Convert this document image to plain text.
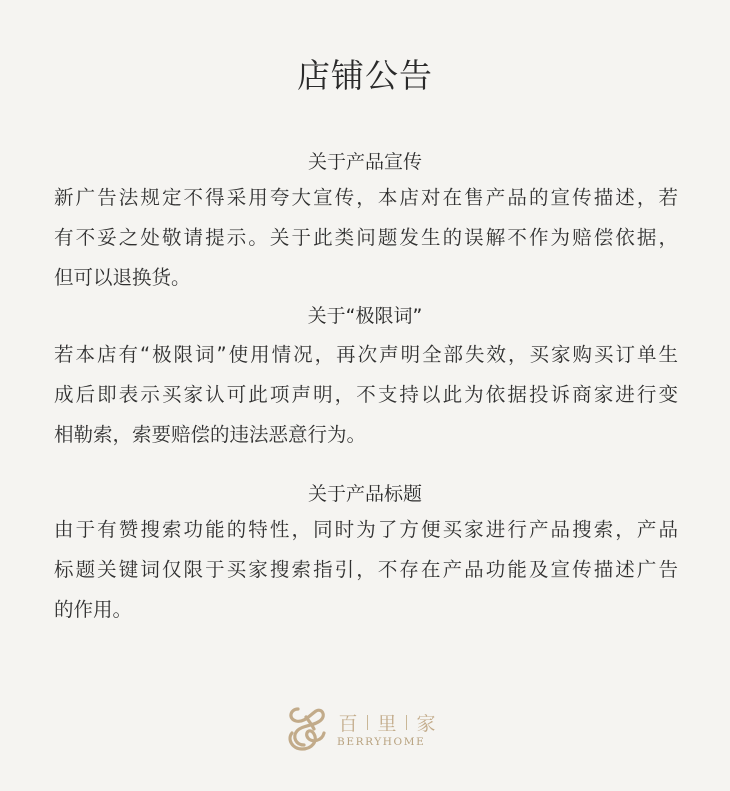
店铺公告
关于产品宣传
新广告法规定不得采用夸大宣传，本店对在售产品的宣传描述，若
有不妥之处敬请提示。关于此类问题发生的误解不作为赔偿依据，
但可以退换货。
关于“极限词”
若本店有“极限词”使用情况，再次声明全部失效，买家购买订单生
成后即表示买家认可此项声明，不支持以此为依据投诉商家进行变
相勒索，索要赔偿的违法恶意行为。
关于产品标题
由于有赞搜索功能的特性，同时为了方便买家进行产品搜索，产品
标题关键词仅限于买家搜索指引，不存在产品功能及宣传描述广告
的作用。
百 里 家
BERRYHOME
